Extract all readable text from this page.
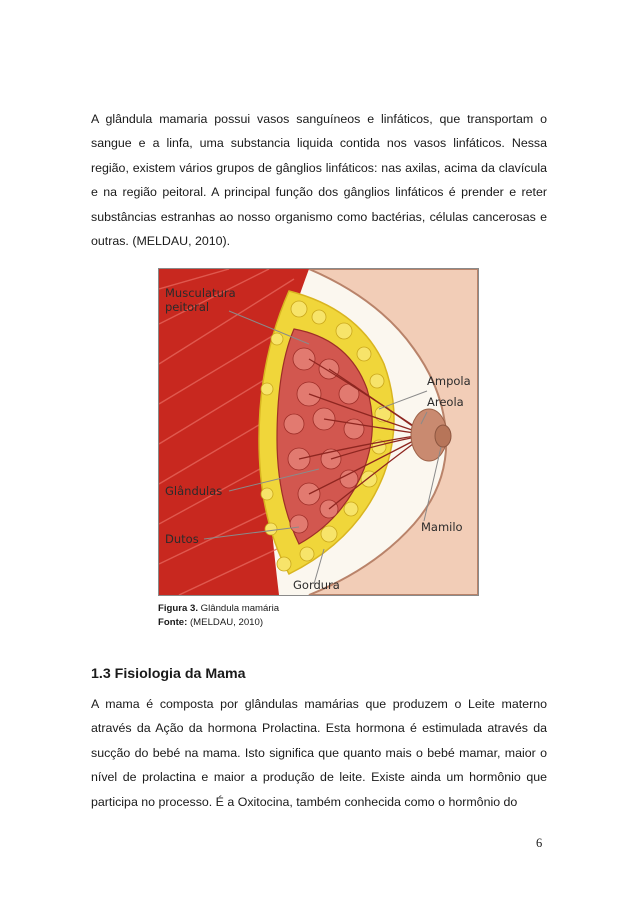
A glândula mamaria possui vasos sanguíneos e linfáticos, que transportam o sangue e a linfa, uma substancia liquida contida nos vasos linfáticos. Nessa região, existem vários grupos de gânglios linfáticos: nas axilas, acima da clavícula e na região peitoral. A principal função dos gânglios linfáticos é prender e reter substâncias estranhas ao nosso organismo como bactérias, células cancerosas e outras. (MELDAU, 2010).

Musculatura
peitoral
Ampola
Areola
Glândulas
Dutos
Mamilo
Gordura
Figura 3. Glândula mamária
Fonte: (MELDAU, 2010)
1.3 Fisiologia da Mama

A mama é composta por glândulas mamárias que produzem o Leite materno através da Ação da hormona Prolactina. Esta hormona é estimulada através da sucção do bebé na mama. Isto significa que quanto mais o bebé mamar, maior o nível de prolactina e maior a produção de leite. Existe ainda um hormônio que participa no processo. É a Oxitocina, também conhecida como o hormônio do

6
